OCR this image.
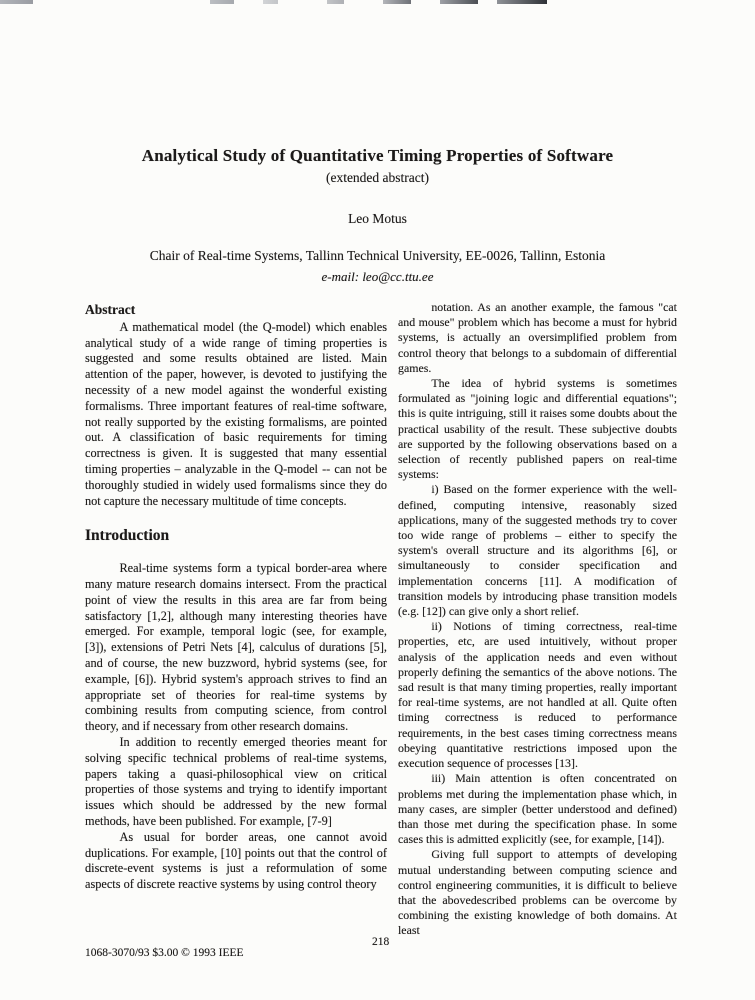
Analytical Study of Quantitative Timing Properties of Software
(extended abstract)
Leo Motus
Chair of Real-time Systems, Tallinn Technical University, EE-0026, Tallinn, Estonia
e-mail: leo@cc.ttu.ee
Abstract

A mathematical model (the Q-model) which enables analytical study of a wide range of timing properties is suggested and some results obtained are listed. Main attention of the paper, however, is devoted to justifying the necessity of a new model against the wonderful existing formalisms. Three important features of real-time software, not really supported by the existing formalisms, are pointed out. A classification of basic requirements for timing correctness is given. It is suggested that many essential timing properties – analyzable in the Q-model -- can not be thoroughly studied in widely used formalisms since they do not capture the necessary multitude of time concepts.

Introduction

Real-time systems form a typical border-area where many mature research domains intersect. From the practical point of view the results in this area are far from being satisfactory [1,2], although many interesting theories have emerged. For example, temporal logic (see, for example, [3]), extensions of Petri Nets [4], calculus of durations [5], and of course, the new buzzword, hybrid systems (see, for example, [6]). Hybrid system's approach strives to find an appropriate set of theories for real-time systems by combining results from computing science, from control theory, and if necessary from other research domains.

In addition to recently emerged theories meant for solving specific technical problems of real-time systems, papers taking a quasi-philosophical view on critical properties of those systems and trying to identify important issues which should be addressed by the new formal methods, have been published. For example, [7-9]

As usual for border areas, one cannot avoid duplications. For example, [10] points out that the control of discrete-event systems is just a reformulation of some aspects of discrete reactive systems by using control theory

notation. As an another example, the famous "cat and mouse" problem which has become a must for hybrid systems, is actually an oversimplified problem from control theory that belongs to a subdomain of differential games.

The idea of hybrid systems is sometimes formulated as "joining logic and differential equations"; this is quite intriguing, still it raises some doubts about the practical usability of the result. These subjective doubts are supported by the following observations based on a selection of recently published papers on real-time systems:

i) Based on the former experience with the well-defined, computing intensive, reasonably sized applications, many of the suggested methods try to cover too wide range of problems – either to specify the system's overall structure and its algorithms [6], or simultaneously to consider specification and implementation concerns [11]. A modification of transition models by introducing phase transition models (e.g. [12]) can give only a short relief.

ii) Notions of timing correctness, real-time properties, etc, are used intuitively, without proper analysis of the application needs and even without properly defining the semantics of the above notions. The sad result is that many timing properties, really important for real-time systems, are not handled at all. Quite often timing correctness is reduced to performance requirements, in the best cases timing correctness means obeying quantitative restrictions imposed upon the execution sequence of processes [13].

iii) Main attention is often concentrated on problems met during the implementation phase which, in many cases, are simpler (better understood and defined) than those met during the specification phase. In some cases this is admitted explicitly (see, for example, [14]).

Giving full support to attempts of developing mutual understanding between computing science and control engineering communities, it is difficult to believe that the abovedescribed problems can be overcome by combining the existing knowledge of both domains. At least

1068-3070/93 $3.00 © 1993 IEEE
218
